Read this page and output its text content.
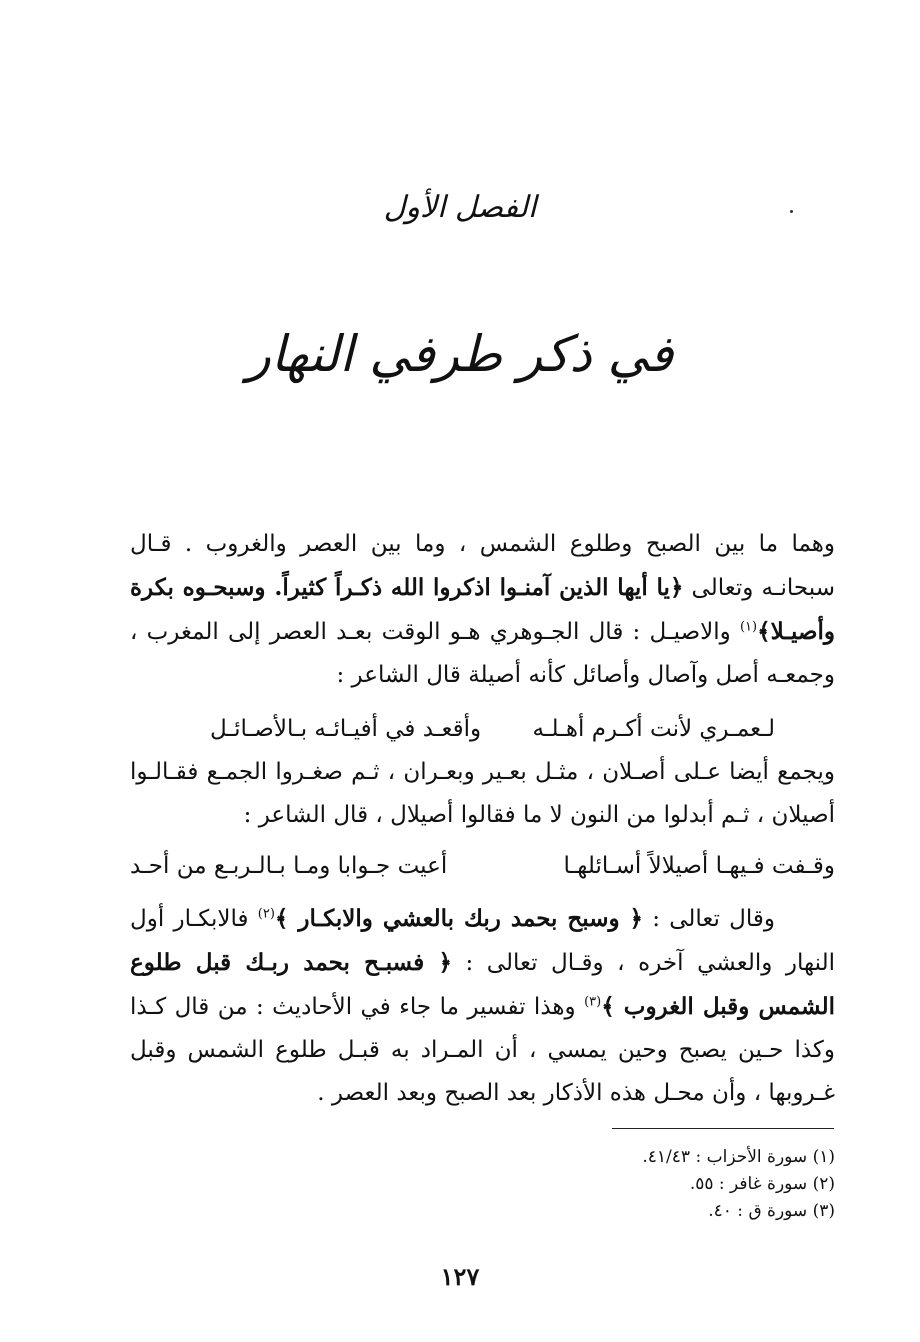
الفصل الأول
في ذكر طرفي النهار
وهما ما بين الصبح وطلوع الشمس ، وما بين العصر والغروب . قـال سبحانـه وتعالى ﴿يا أيها الذين آمنـوا اذكروا الله ذكـراً كثيراً. وسبحـوه بكرة وأصيـلا﴾$^{(١)}$ والاصيـل : قال الجـوهري هـو الوقت بعـد العصر إلى المغرب ، وجمعـه أصل وآصال وأصائل كأنه أصيلة قال الشاعر :
لـعمـري لأنت أكـرم أهـلـه
وأقعـد في أفيـائـه بـالأصـائـل
ويجمع أيضا عـلى أصـلان ، مثـل بعـير وبعـران ، ثـم صغـروا الجمـع فقـالـوا أصيلان ، ثـم أبدلوا من النون لا ما فقالوا أصيلال ، قال الشاعر :
وقـفت فـيهـا أصيلالاً أسـائلهـا
أعيت جـوابا ومـا بـالـربـع من أحـد
وقال تعالى : ﴿ وسبح بحمد ربك بالعشي والابكـار ﴾$^{(٢)}$ فالابكـار أول النهار والعشي آخره ، وقـال تعالى : ﴿ فسبـح بحمد ربـك قبل طلوع الشمس وقبل الغروب ﴾$^{(٣)}$ وهذا تفسير ما جاء في الأحاديث : من قال كـذا وكذا حـين يصبح وحين يمسي ، أن المـراد به قبـل طلوع الشمس وقبل غـروبها ، وأن محـل هذه الأذكار بعد الصبح وبعد العصر .
(١) سورة الأحزاب : ٤١/٤٣.
(٢) سورة غافر : ٥٥.
(٣) سورة ق : ٤٠.
١٢٧
